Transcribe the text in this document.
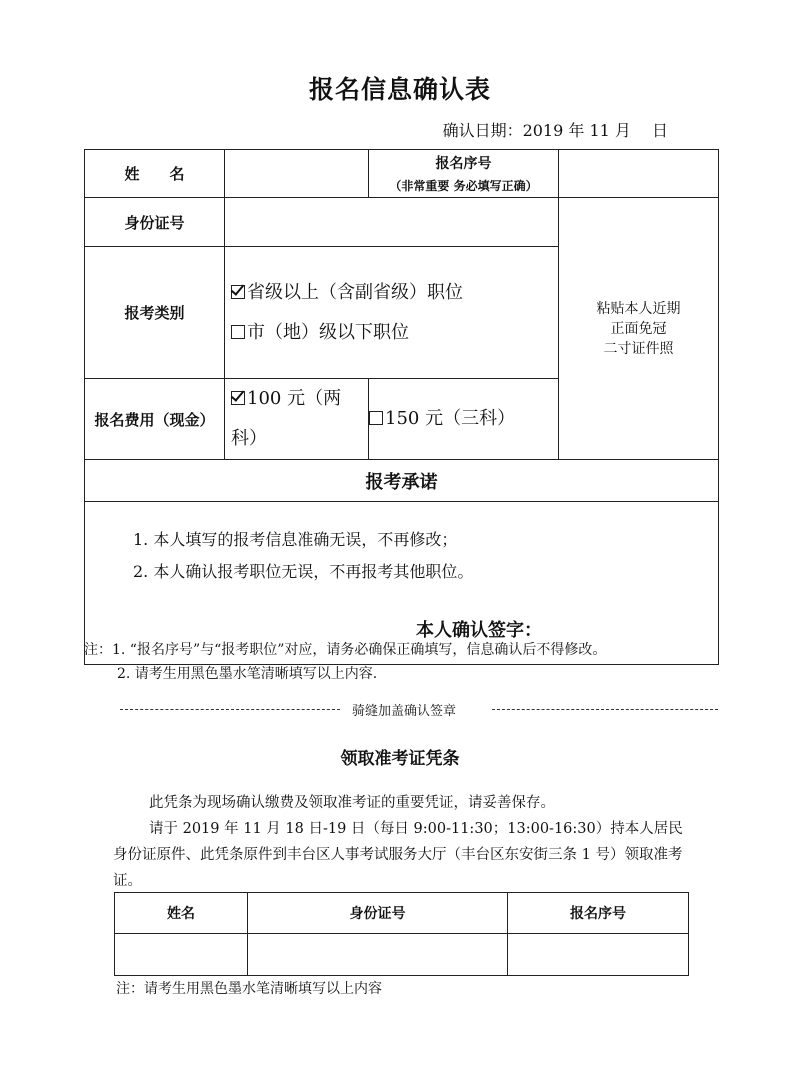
报名信息确认表
确认日期：2019 年 11 月　 日
姓　　名		报名序号
（非常重要 务必填写正确）	

身份证号			粘贴本人近期
正面免冠
二寸证件照

报考类别	省级以上（含副省级）职位
市（地）级以下职位		

报名费用（现金）	100 元（两科）	150 元（三科）	
报考承诺			

1. 本人填写的报考信息准确无误，不再修改；
2. 本人确认报考职位无误，不再报考其他职位。
本人确认签字：			
注：1. “报名序号”与“报考职位”对应，请务必确保正确填写，信息确认后不得修改。
2. 请考生用黑色墨水笔清晰填写以上内容.
骑缝加盖确认签章
领取准考证凭条
此凭条为现场确认缴费及领取准考证的重要凭证，请妥善保存。
请于 2019 年 11 月 18 日-19 日（每日 9:00-11:30；13:00-16:30）持本人居民身份证原件、此凭条原件到丰台区人事考试服务大厅（丰台区东安街三条 1 号）领取准考证。
姓名	身份证号	报名序号

注：请考生用黑色墨水笔清晰填写以上内容
